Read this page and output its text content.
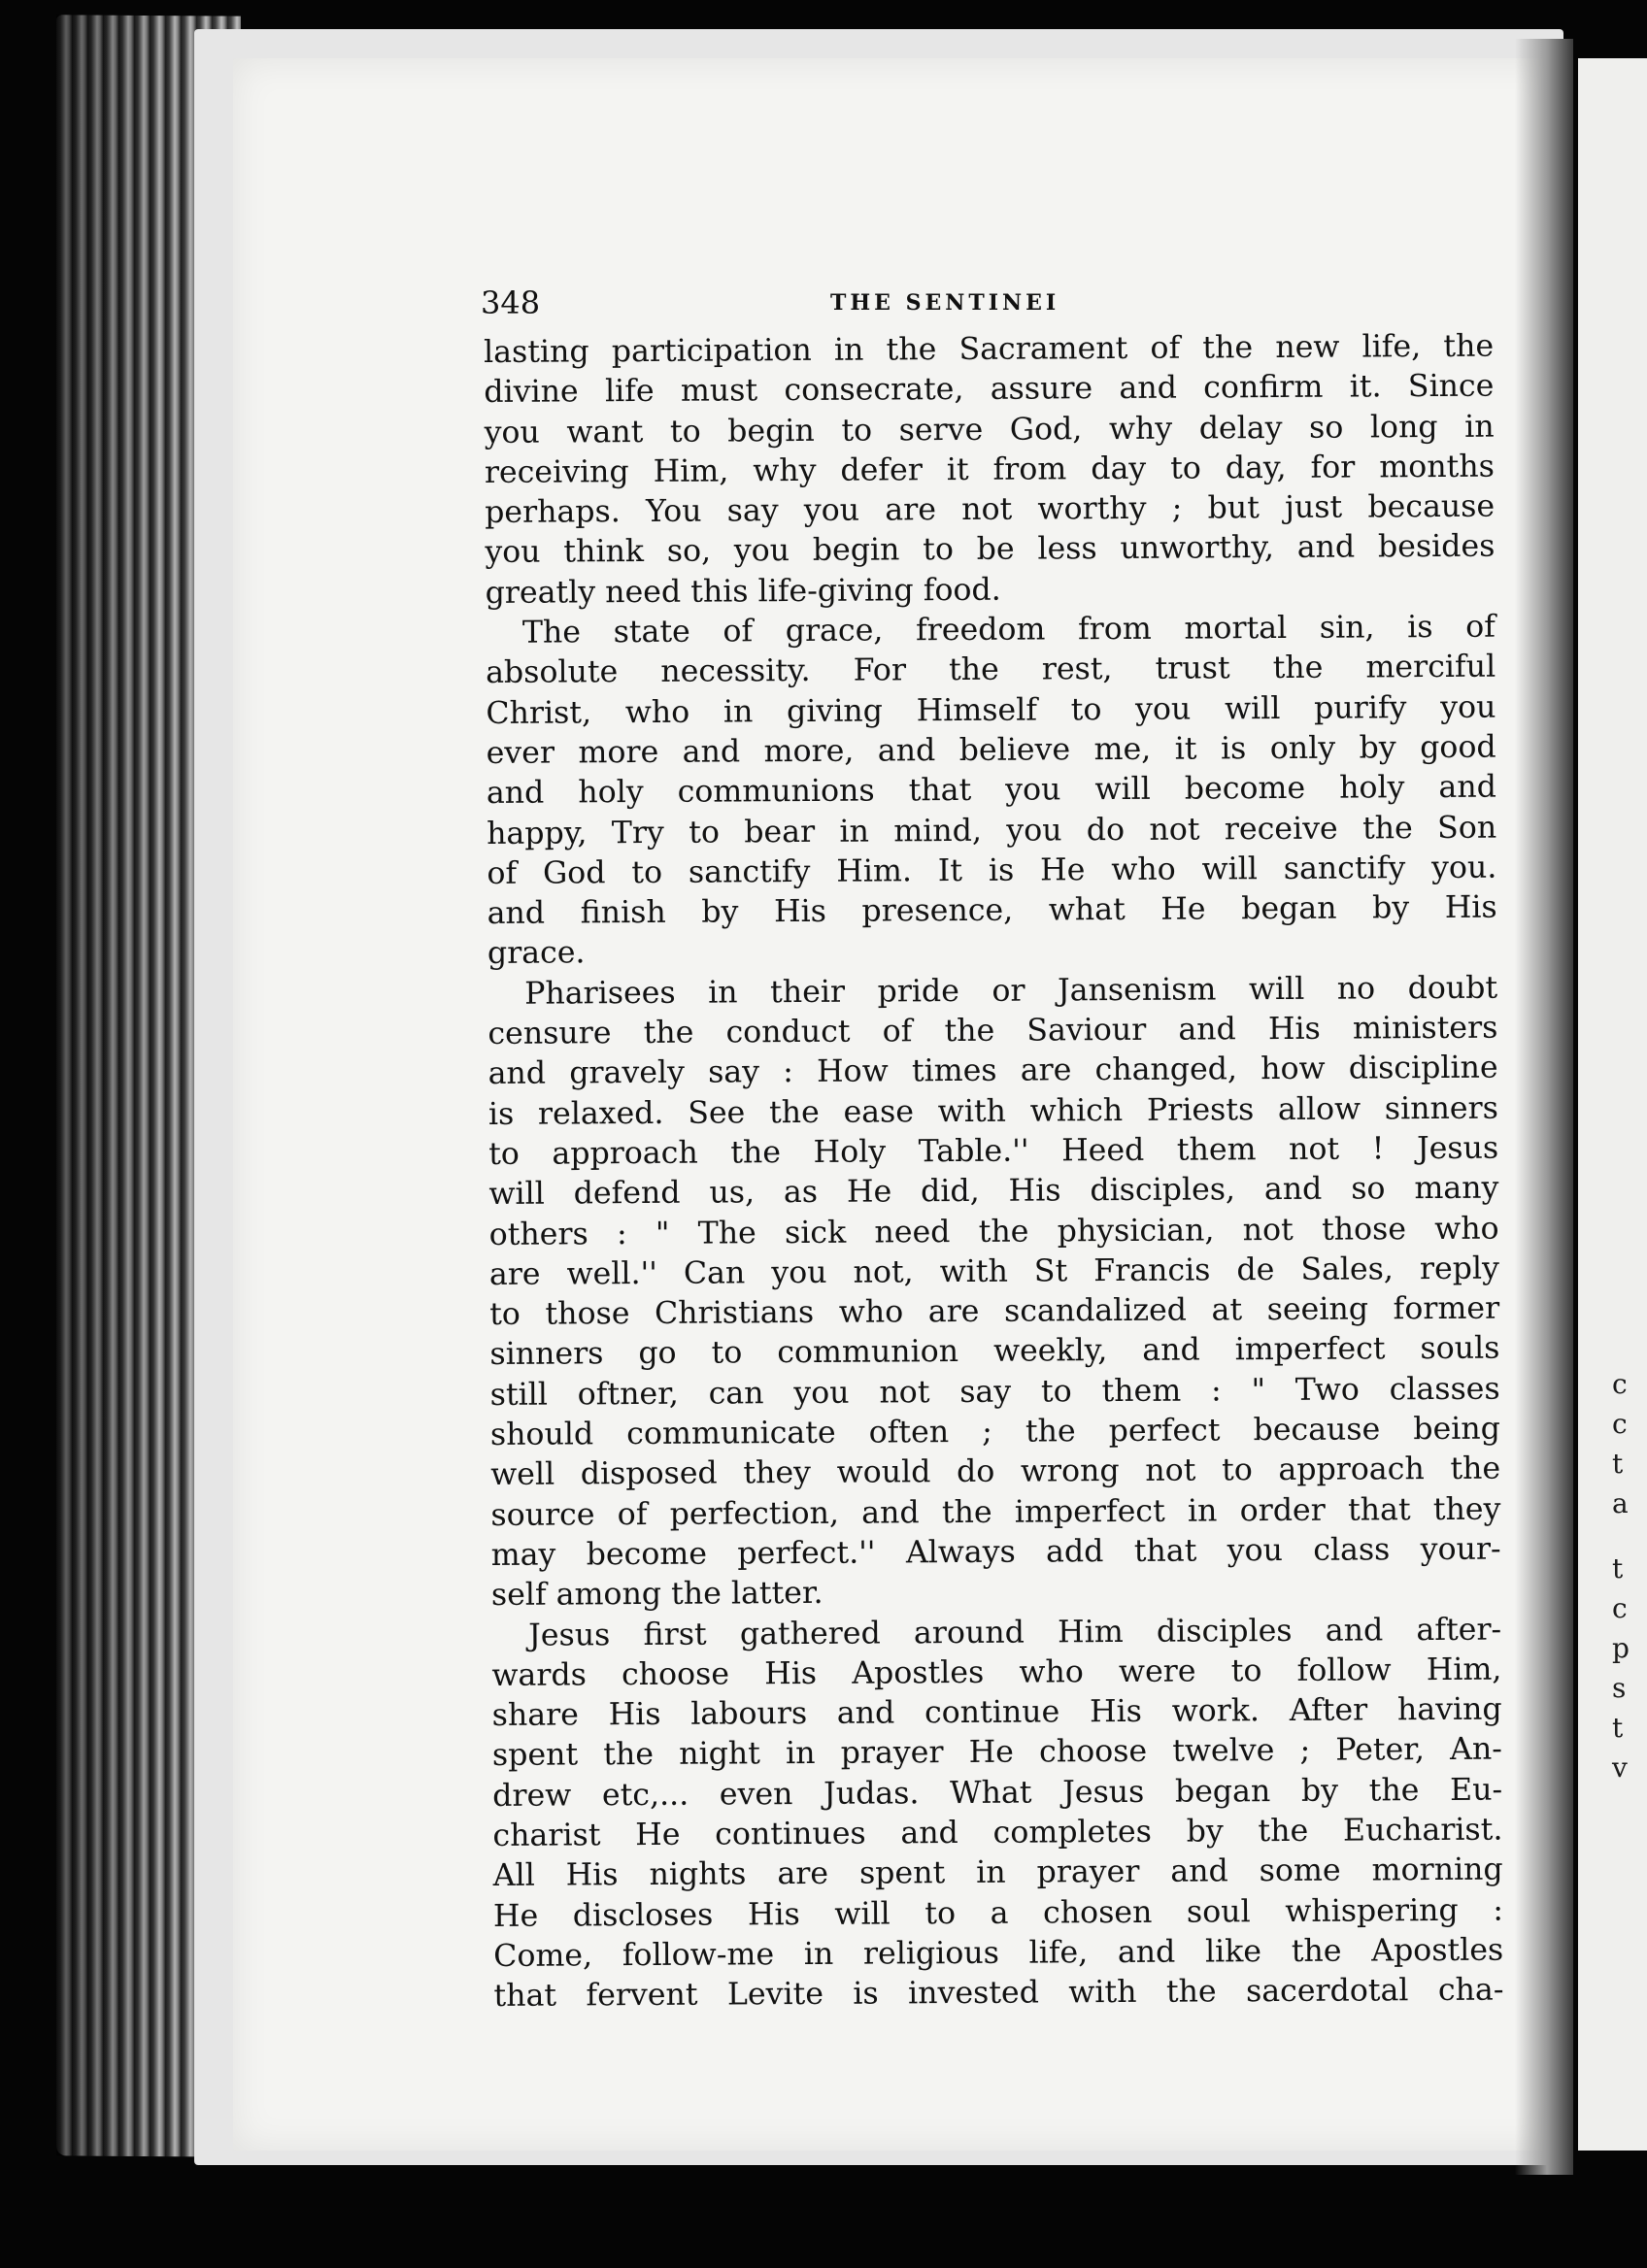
c
c
t
a
t
c
p
s
t
v
348	THE SENTINEI
lasting participation in the Sacrament of the new life, the
divine life must consecrate, assure and confirm it. Since
you want to begin to serve God, why delay so long in
receiving Him, why defer it from day to day, for months
perhaps. You say you are not worthy ; but just because
you think so, you begin to be less unworthy, and besides
greatly need this life-giving food.
The state of grace, freedom from mortal sin, is of
absolute necessity. For the rest, trust the merciful
Christ, who in giving Himself to you will purify you
ever more and more, and believe me, it is only by good
and holy communions that you will become holy and
happy, Try to bear in mind, you do not receive the Son
of God to sanctify Him. It is He who will sanctify you.
and finish by His presence, what He began by His
grace.
Pharisees in their pride or Jansenism will no doubt
censure the conduct of the Saviour and His ministers
and gravely say : How times are changed, how discipline
is relaxed. See the ease with which Priests allow sinners
to approach the Holy Table.'' Heed them not ! Jesus
will defend us, as He did, His disciples, and so many
others : " The sick need the physician, not those who
are well.'' Can you not, with St Francis de Sales, reply
to those Christians who are scandalized at seeing former
sinners go to communion weekly, and imperfect souls
still oftner, can you not say to them : " Two classes
should communicate often ; the perfect because being
well disposed they would do wrong not to approach the
source of perfection, and the imperfect in order that they
may become perfect.'' Always add that you class your-
self among the latter.
Jesus first gathered around Him disciples and after-
wards choose His Apostles who were to follow Him,
share His labours and continue His work. After having
spent the night in prayer He choose twelve ; Peter, An-
drew etc,... even Judas. What Jesus began by the Eu-
charist He continues and completes by the Eucharist.
All His nights are spent in prayer and some morning
He discloses His will to a chosen soul whispering :
Come, follow-me in religious life, and like the Apostles
that fervent Levite is invested with the sacerdotal cha-
